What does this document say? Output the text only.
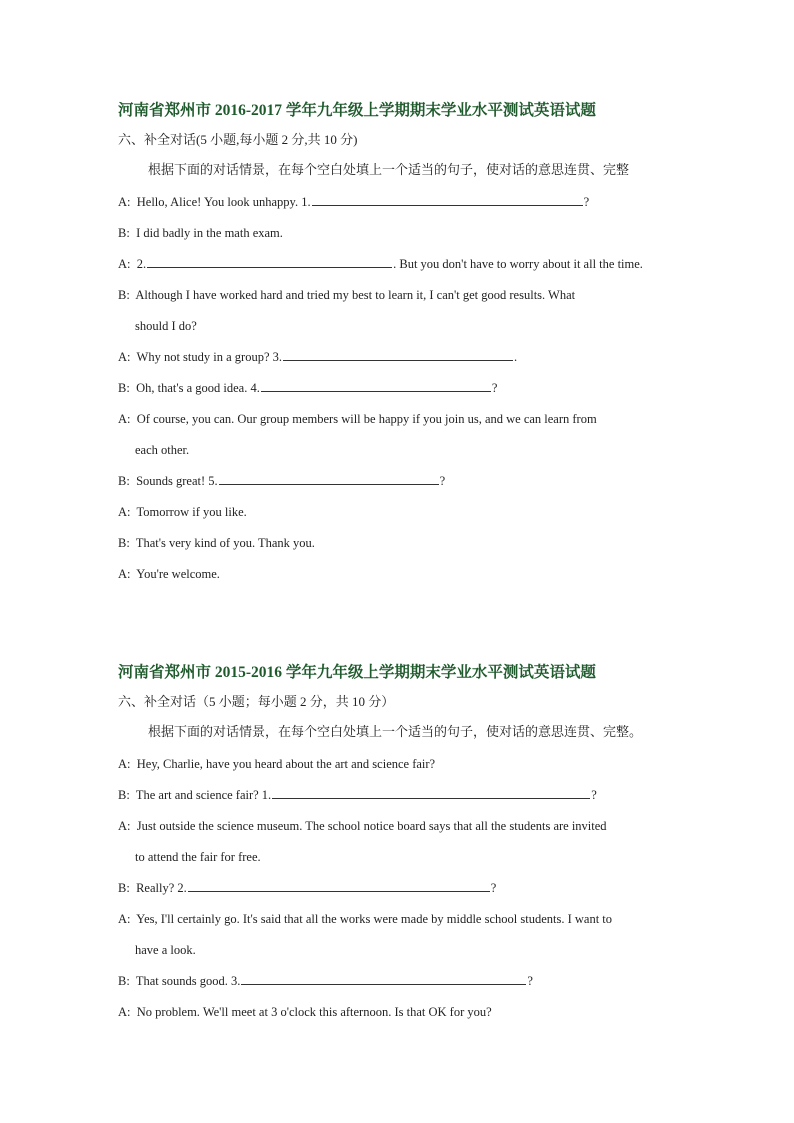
河南省郑州市 2016-2017 学年九年级上学期期末学业水平测试英语试题
六、补全对话(5 小题,每小题 2 分,共 10 分)
根据下面的对话情景，在每个空白处填上一个适当的句子，使对话的意思连贯、完整
A: Hello, Alice! You look unhappy. 1.	?
B: I did badly in the math exam.
A: 2.	. But you don't have to worry about it all the time.
B: Although I have worked hard and tried my best to learn it, I can't get good results. What
should I do?
A: Why not study in a group? 3.	.
B: Oh, that's a good idea. 4.	?
A: Of course, you can. Our group members will be happy if you join us, and we can learn from
each other.
B: Sounds great! 5.	?
A: Tomorrow if you like.
B: That's very kind of you. Thank you.
A: You're welcome.
河南省郑州市 2015-2016 学年九年级上学期期末学业水平测试英语试题
六、补全对话（5 小题；每小题 2 分，共 10 分）
根据下面的对话情景，在每个空白处填上一个适当的句子，使对话的意思连贯、完整。
A: Hey, Charlie, have you heard about the art and science fair?
B: The art and science fair? 1.	?
A: Just outside the science museum. The school notice board says that all the students are invited
to attend the fair for free.
B: Really? 2.	?
A: Yes, I'll certainly go. It's said that all the works were made by middle school students. I want to
have a look.
B: That sounds good. 3.	?
A: No problem. We'll meet at 3 o'clock this afternoon. Is that OK for you?
